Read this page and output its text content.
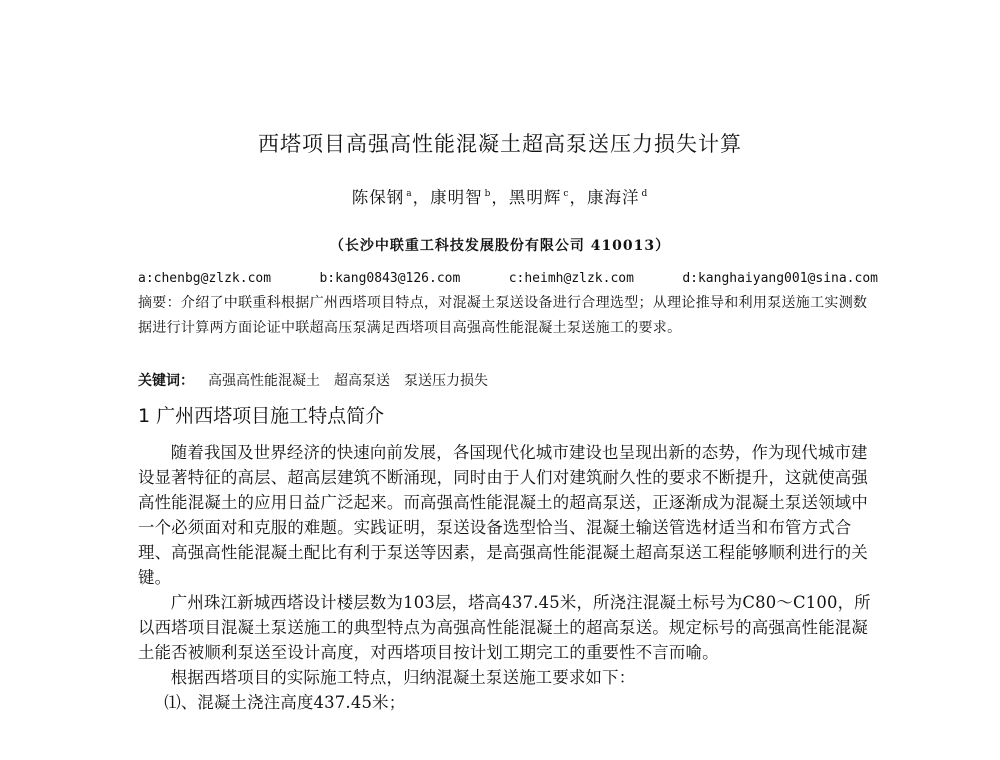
西塔项目高强高性能混凝土超高泵送压力损失计算
陈保钢 $^a$，康明智 $^b$，黑明辉 $^c$，康海洋 $^d$
（长沙中联重工科技发展股份有限公司 410013）
a:chenbg@zlzk.com	b:kang0843@126.com	c:heimh@zlzk.com	d:kanghaiyang001@sina.com
摘要：介绍了中联重科根据广州西塔项目特点，对混凝土泵送设备进行合理选型；从理论推导和利用泵送施工实测数据进行计算两方面论证中联超高压泵满足西塔项目高强高性能混凝土泵送施工的要求。
关键词： 高强高性能混凝土 超高泵送 泵送压力损失
1 广州西塔项目施工特点简介

随着我国及世界经济的快速向前发展，各国现代化城市建设也呈现出新的态势，作为现代城市建设显著特征的高层、超高层建筑不断涌现，同时由于人们对建筑耐久性的要求不断提升，这就使高强高性能混凝土的应用日益广泛起来。而高强高性能混凝土的超高泵送，正逐渐成为混凝土泵送领域中一个必须面对和克服的难题。实践证明，泵送设备选型恰当、混凝土输送管选材适当和布管方式合理、高强高性能混凝土配比有利于泵送等因素，是高强高性能混凝土超高泵送工程能够顺利进行的关键。

广州珠江新城西塔设计楼层数为103层，塔高437.45米，所浇注混凝土标号为C80～C100，所以西塔项目混凝土泵送施工的典型特点为高强高性能混凝土的超高泵送。规定标号的高强高性能混凝土能否被顺利泵送至设计高度，对西塔项目按计划工期完工的重要性不言而喻。

根据西塔项目的实际施工特点，归纳混凝土泵送施工要求如下：

⑴、混凝土浇注高度437.45米；
